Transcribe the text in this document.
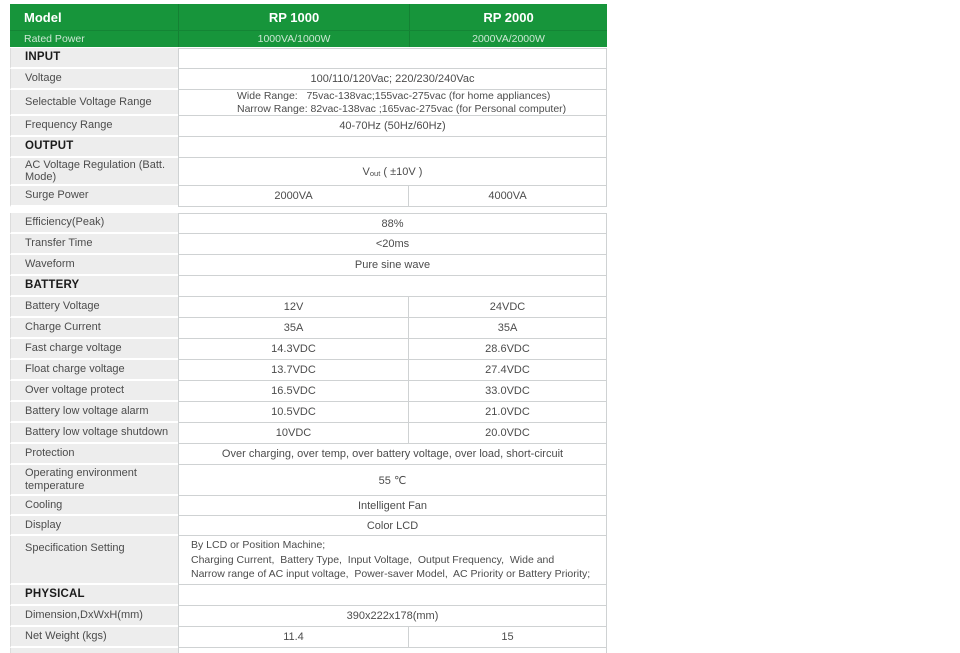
Model	RP 1000	RP 2000
Rated Power	1000VA/1000W	2000VA/2000W
INPUT
Voltage	100/110/120Vac; 220/230/240Vac
Selectable Voltage Range
Wide Range:   75vac-138vac;155vac-275vac (for home appliances)
Narrow Range: 82vac-138vac ;165vac-275vac (for Personal computer)
Frequency Range	40-70Hz (50Hz/60Hz)
OUTPUT
AC Voltage Regulation (Batt. Mode)	$V_{out}$ ( ±10V )
Surge Power	2000VA	4000VA
Efficiency(Peak)	88%
Transfer Time	<20ms
Waveform	Pure sine wave
BATTERY
Battery Voltage	12V	24VDC
Charge Current	35A	35A
Fast charge voltage	14.3VDC	28.6VDC
Float charge voltage	13.7VDC	27.4VDC
Over voltage protect	16.5VDC	33.0VDC
Battery low voltage alarm	10.5VDC	21.0VDC
Battery low voltage shutdown	10VDC	20.0VDC
Protection	Over charging, over temp, over battery voltage, over load, short-circuit
Operating environment temperature	55 ℃
Cooling	Intelligent Fan
Display	Color LCD
Specification Setting	By LCD or Position Machine;
Charging Current,  Battery Type,  Input Voltage,  Output Frequency,  Wide and
Narrow range of AC input voltage,  Power-saver Model,  AC Priority or Battery Priority;
PHYSICAL
Dimension,DxWxH(mm)	390x222x178(mm)
Net Weight (kgs)	11.4	15
